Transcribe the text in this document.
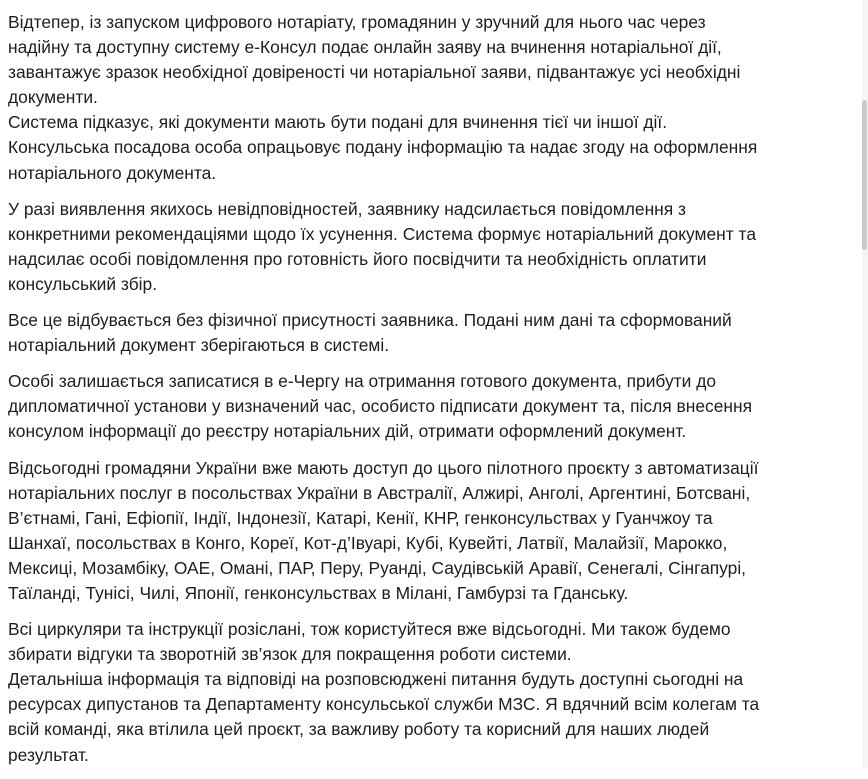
Відтепер, із запуском цифрового нотаріату, громадянин у зручний для нього час через
надійну та доступну систему е-Консул подає онлайн заяву на вчинення нотаріальної дії,
завантажує зразок необхідної довіреності чи нотаріальної заяви, підвантажує усі необхідні
документи.
Система підказує, які документи мають бути подані для вчинення тієї чи іншої дії.
Консульська посадова особа опрацьовує подану інформацію та надає згоду на оформлення
нотаріального документа.

У разі виявлення якихось невідповідностей, заявнику надсилається повідомлення з
конкретними рекомендаціями щодо їх усунення. Система формує нотаріальний документ та
надсилає особі повідомлення про готовність його посвідчити та необхідність оплатити
консульський збір.

Все це відбувається без фізичної присутності заявника. Подані ним дані та сформований
нотаріальний документ зберігаються в системі.

Особі залишається записатися в е-Чергу на отримання готового документа, прибути до
дипломатичної установи у визначений час, особисто підписати документ та, після внесення
консулом інформації до реєстру нотаріальних дій, отримати оформлений документ.

Відсьогодні громадяни України вже мають доступ до цього пілотного проєкту з автоматизації
нотаріальних послуг в посольствах України в Австралії, Алжирі, Анголі, Аргентині, Ботсвані,
В’єтнамі, Гані, Ефіопії, Індії, Індонезії, Катарі, Кенії, КНР, генконсульствах у Гуанчжоу та
Шанхаї, посольствах в Конго, Кореї, Кот-д’Івуарі, Кубі, Кувейті, Латвії, Малайзії, Марокко,
Мексиці, Мозамбіку, ОАЕ, Омані, ПАР, Перу, Руанді, Саудівській Аравії, Сенегалі, Сінгапурі,
Таїланді, Тунісі, Чилі, Японії, генконсульствах в Мілані, Гамбурзі та Гданську.

Всі циркуляри та інструкції розіслані, тож користуйтеся вже відсьогодні. Ми також будемо
збирати відгуки та зворотній зв’язок для покращення роботи системи.
Детальніша інформація та відповіді на розповсюджені питання будуть доступні сьогодні на
ресурсах дипустанов та Департаменту консульської служби МЗС. Я вдячний всім колегам та
всій команді, яка втілила цей проєкт, за важливу роботу та корисний для наших людей
результат.
